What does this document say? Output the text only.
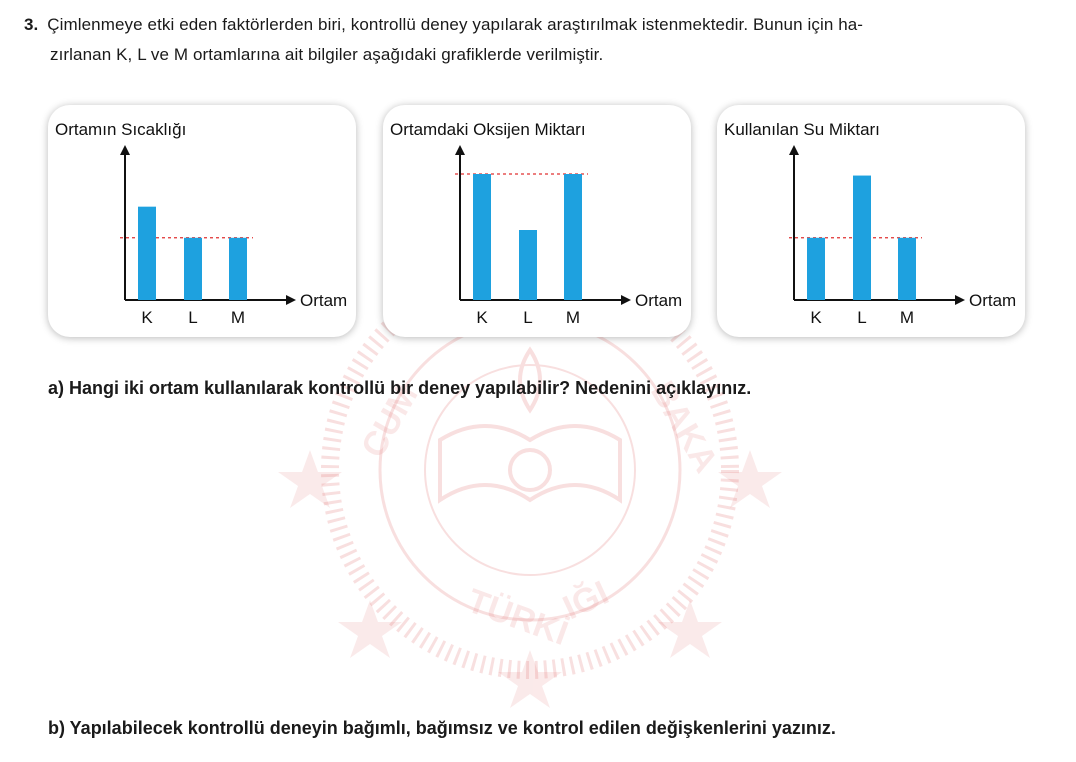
CUM	BAKA
TÜRKİ
IĞI
3. Çimlenmeye etki eden faktörlerden biri, kontrollü deney yapılarak araştırılmak istenmektedir. Bunun için ha-
zırlanan K, L ve M ortamlarına ait bilgiler aşağıdaki grafiklerde verilmiştir.
Ortamın Sıcaklığı
Ortam
K L M
Ortamdaki Oksijen Miktarı
Ortam
K L M
Kullanılan Su Miktarı
Ortam
K L M
a) Hangi iki ortam kullanılarak kontrollü bir deney yapılabilir? Nedenini açıklayınız.
b) Yapılabilecek kontrollü deneyin bağımlı, bağımsız ve kontrol edilen değişkenlerini yazınız.
